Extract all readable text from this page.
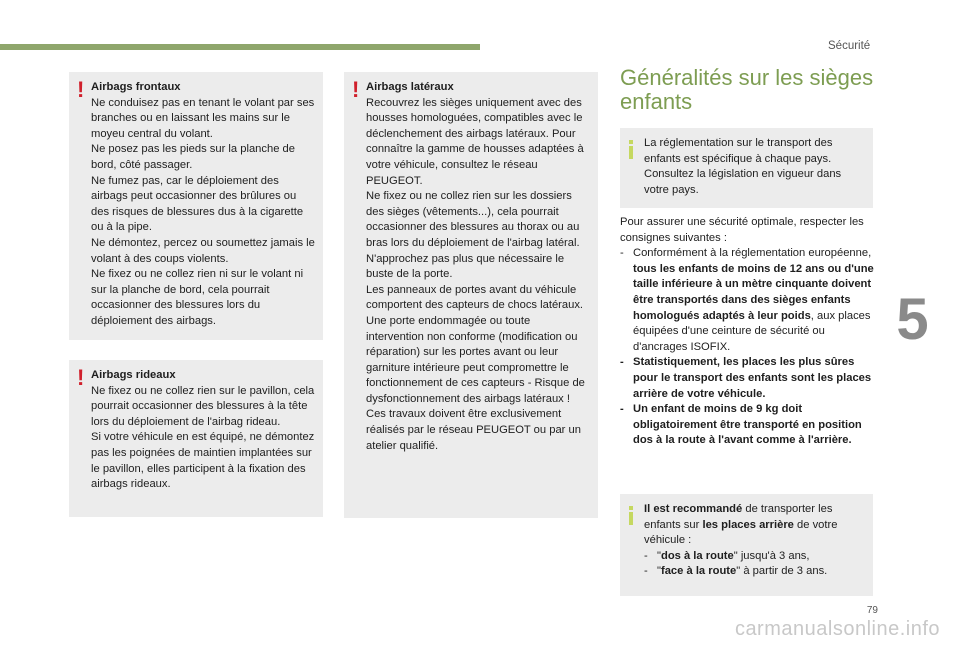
Sécurité
! Airbags frontaux

Ne conduisez pas en tenant le volant par ses branches ou en laissant les mains sur le moyeu central du volant.
Ne posez pas les pieds sur la planche de bord, côté passager.
Ne fumez pas, car le déploiement des airbags peut occasionner des brûlures ou des risques de blessures dus à la cigarette ou à la pipe.
Ne démontez, percez ou soumettez jamais le volant à des coups violents.
Ne fixez ou ne collez rien ni sur le volant ni sur la planche de bord, cela pourrait occasionner des blessures lors du déploiement des airbags.

! Airbags rideaux

Ne fixez ou ne collez rien sur le pavillon, cela pourrait occasionner des blessures à la tête lors du déploiement de l'airbag rideau.
Si votre véhicule en est équipé, ne démontez pas les poignées de maintien implantées sur le pavillon, elles participent à la fixation des airbags rideaux.

! Airbags latéraux

Recouvrez les sièges uniquement avec des housses homologuées, compatibles avec le déclenchement des airbags latéraux. Pour connaître la gamme de housses adaptées à votre véhicule, consultez le réseau PEUGEOT.
Ne fixez ou ne collez rien sur les dossiers des sièges (vêtements...), cela pourrait occasionner des blessures au thorax ou au bras lors du déploiement de l'airbag latéral.
N'approchez pas plus que nécessaire le buste de la porte.
Les panneaux de portes avant du véhicule comportent des capteurs de chocs latéraux.
Une porte endommagée ou toute intervention non conforme (modification ou réparation) sur les portes avant ou leur garniture intérieure peut compromettre le fonctionnement de ces capteurs - Risque de dysfonctionnement des airbags latéraux !
Ces travaux doivent être exclusivement réalisés par le réseau PEUGEOT ou par un atelier qualifié.

Généralités sur les sièges enfants

La réglementation sur le transport des enfants est spécifique à chaque pays. Consultez la législation en vigueur dans votre pays.

Pour assurer une sécurité optimale, respecter les consignes suivantes :

- Conformément à la réglementation européenne, tous les enfants de moins de 12 ans ou d'une taille inférieure à un mètre cinquante doivent être transportés dans des sièges enfants homologués adaptés à leur poids, aux places équipées d'une ceinture de sécurité ou d'ancrages ISOFIX.
- Statistiquement, les places les plus sûres pour le transport des enfants sont les places arrière de votre véhicule.
- Un enfant de moins de 9 kg doit obligatoirement être transporté en position dos à la route à l'avant comme à l'arrière.

Il est recommandé de transporter les enfants sur les places arrière de votre véhicule :

- "dos à la route" jusqu'à 3 ans,
- "face à la route" à partir de 3 ans.
5
79
carmanualsonline.info
